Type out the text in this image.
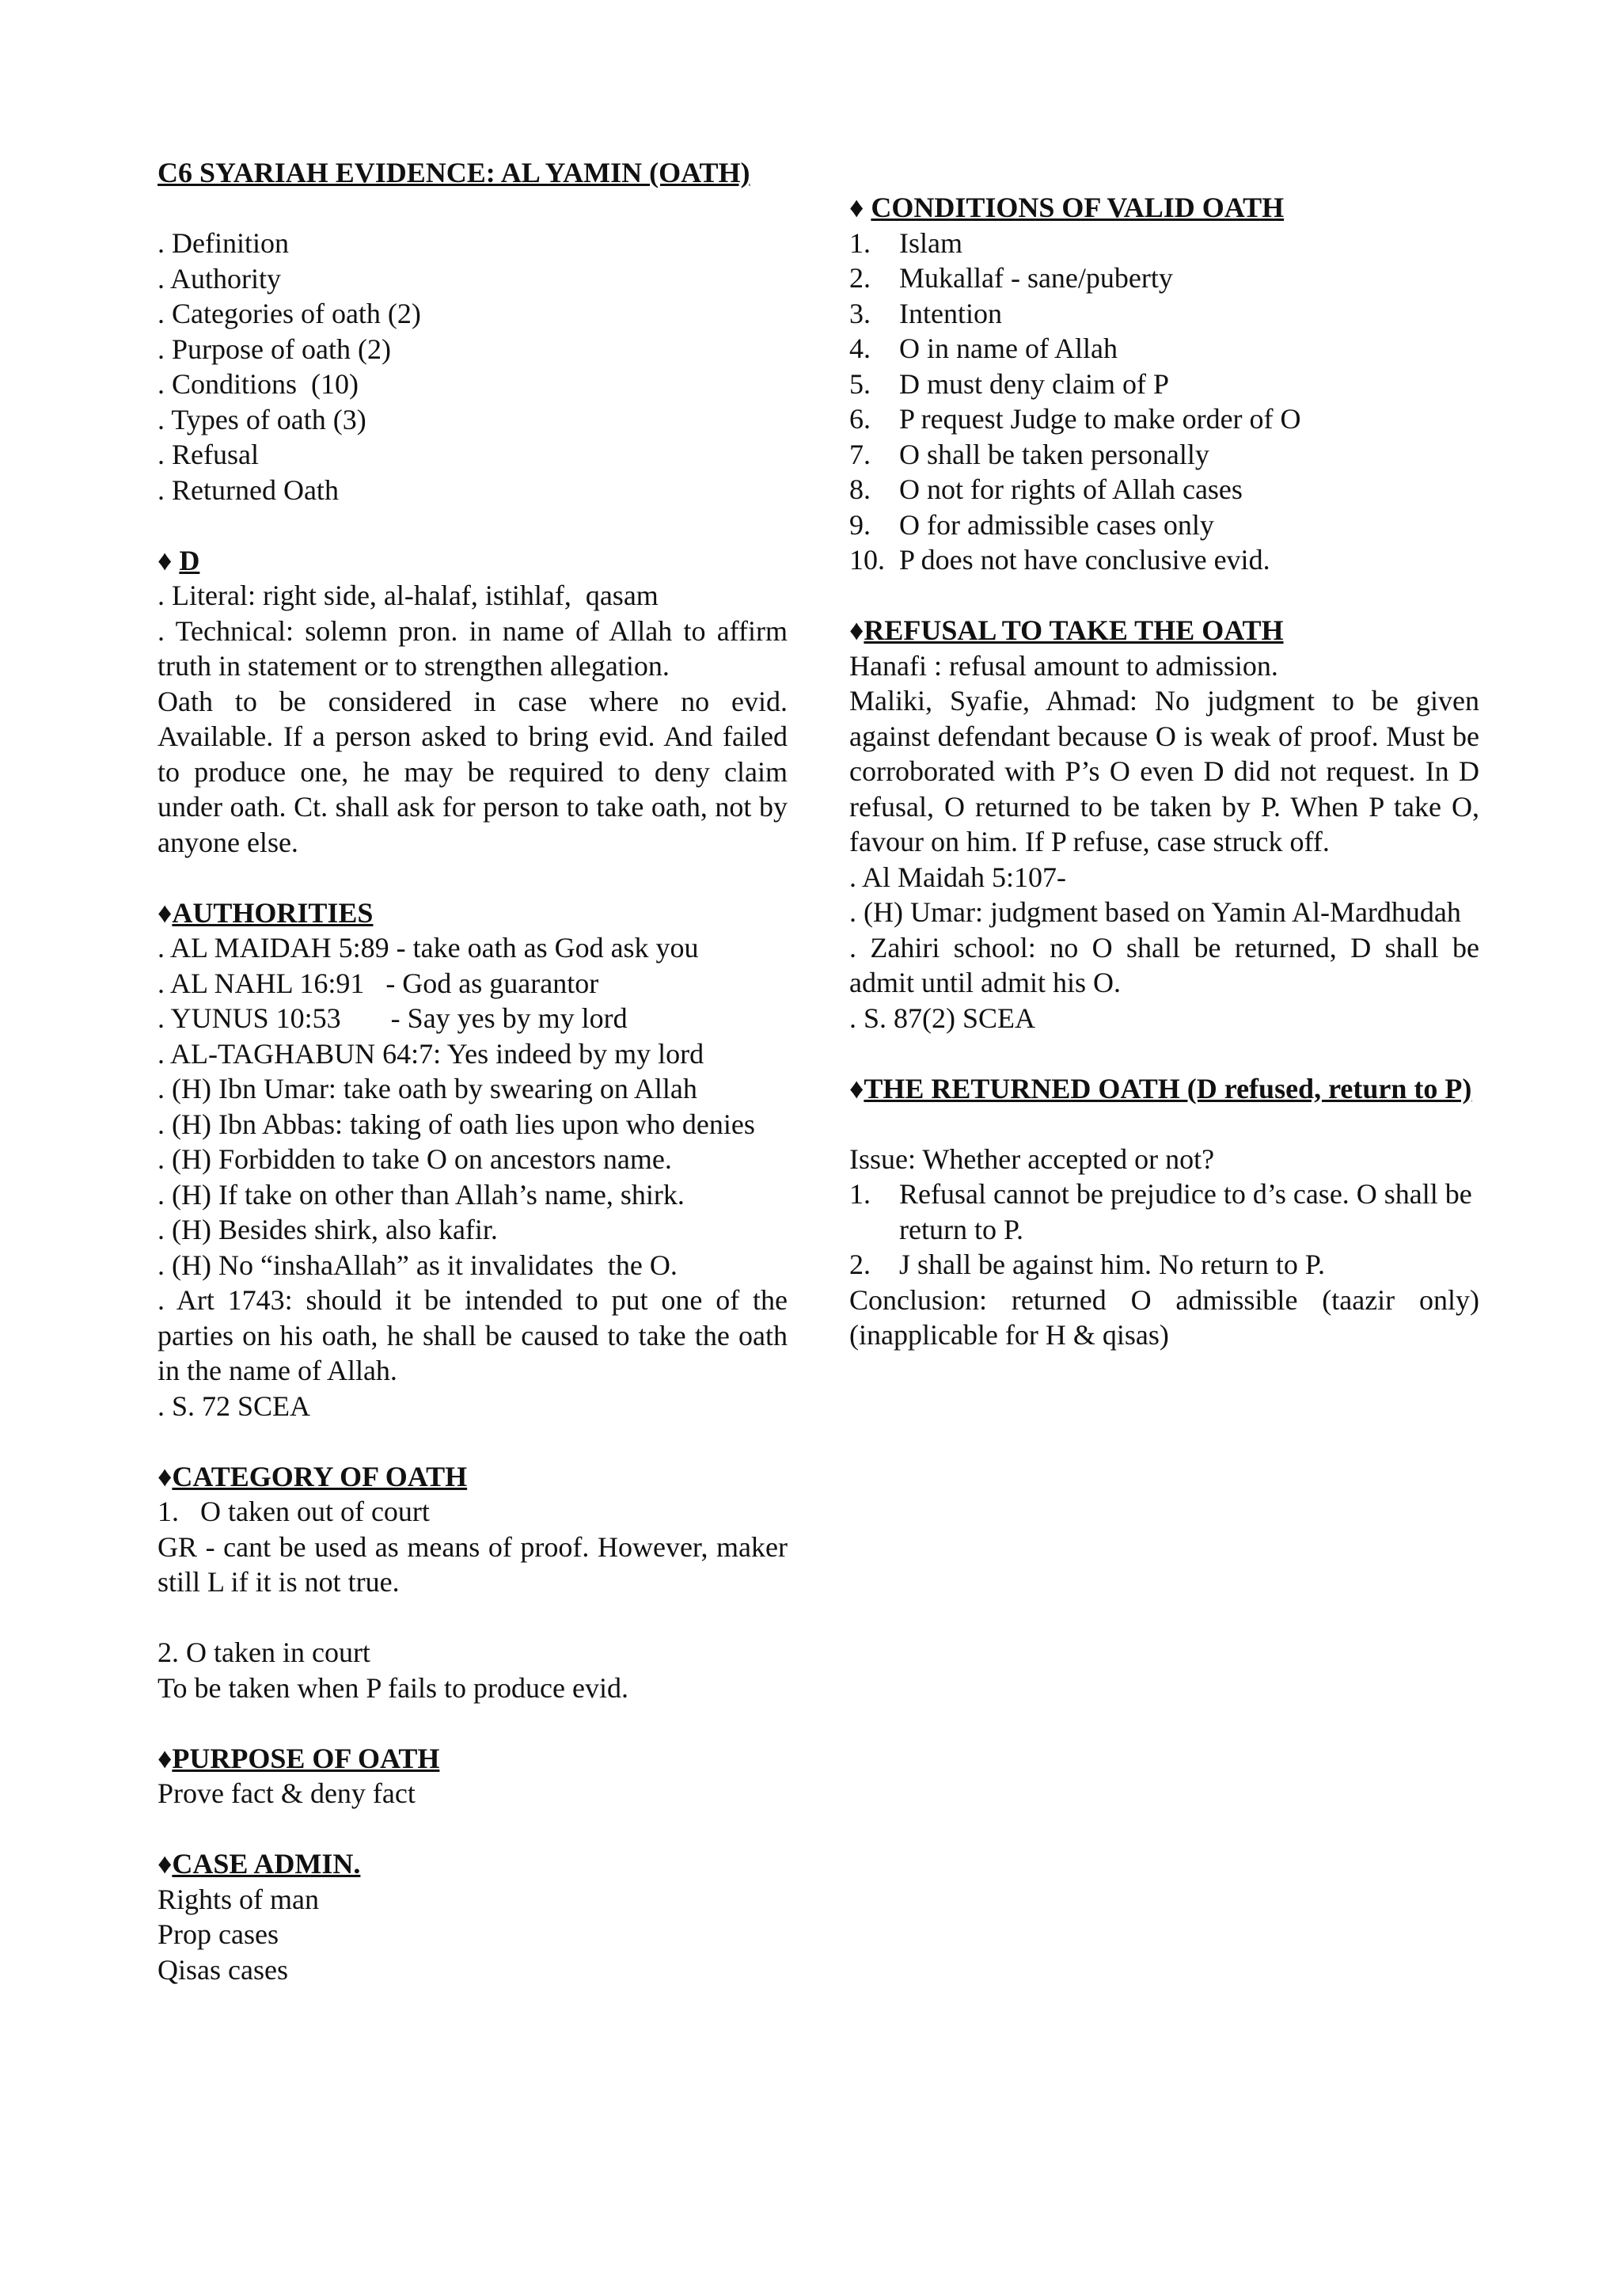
C6 SYARIAH EVIDENCE: AL YAMIN (OATH)
. Definition
. Authority
. Categories of oath (2)
. Purpose of oath (2)
. Conditions  (10)
. Types of oath (3)
. Refusal
. Returned Oath
♦ D
. Literal: right side, al-halaf, istihlaf,  qasam
. Technical: solemn pron. in name of Allah to affirm truth in statement or to strengthen allegation.
Oath to be considered in case where no evid. Available. If a person asked to bring evid. And failed to produce one, he may be required to deny claim under oath. Ct. shall ask for person to take oath, not by anyone else.
♦AUTHORITIES
. AL MAIDAH 5:89 - take oath as God ask you
. AL NAHL 16:91   - God as guarantor
. YUNUS 10:53       - Say yes by my lord
. AL-TAGHABUN 64:7: Yes indeed by my lord
. (H) Ibn Umar: take oath by swearing on Allah
. (H) Ibn Abbas: taking of oath lies upon who denies
. (H) Forbidden to take O on ancestors name.
. (H) If take on other than Allah’s name, shirk.
. (H) Besides shirk, also kafir.
. (H) No “inshaAllah” as it invalidates  the O.
. Art 1743: should it be intended to put one of the parties on his oath, he shall be caused to take the oath in the name of Allah.
. S. 72 SCEA
♦CATEGORY OF OATH
1.   O taken out of court
GR - cant be used as means of proof. However, maker still L if it is not true.
2. O taken in court
To be taken when P fails to produce evid.
♦PURPOSE OF OATH
Prove fact & deny fact
♦CASE ADMIN.
Rights of man
Prop cases
Qisas cases
♦ CONDITIONS OF VALID OATH
1.	Islam
2.	Mukallaf - sane/puberty
3.	Intention
4.	O in name of Allah
5.	D must deny claim of P
6.	P request Judge to make order of O
7.	O shall be taken personally
8.	O not for rights of Allah cases
9.	O for admissible cases only
10. P does not have conclusive evid.
♦REFUSAL TO TAKE THE OATH
Hanafi : refusal amount to admission.
Maliki, Syafie, Ahmad: No judgment to be given against defendant because O is weak of proof. Must be corroborated with P’s O even D did not request. In D refusal, O returned to be taken by P. When P take O, favour on him. If P refuse, case struck off.
. Al Maidah 5:107-
. (H) Umar: judgment based on Yamin Al-Mardhudah
. Zahiri school: no O shall be returned, D shall be admit until admit his O.
. S. 87(2) SCEA
♦THE RETURNED OATH (D refused, return to P)
Issue: Whether accepted or not?
1.	Refusal cannot be prejudice to d’s case. O shall be return to P.
2.	J shall be against him. No return to P.
Conclusion: returned O admissible (taazir only) (inapplicable for H & qisas)
